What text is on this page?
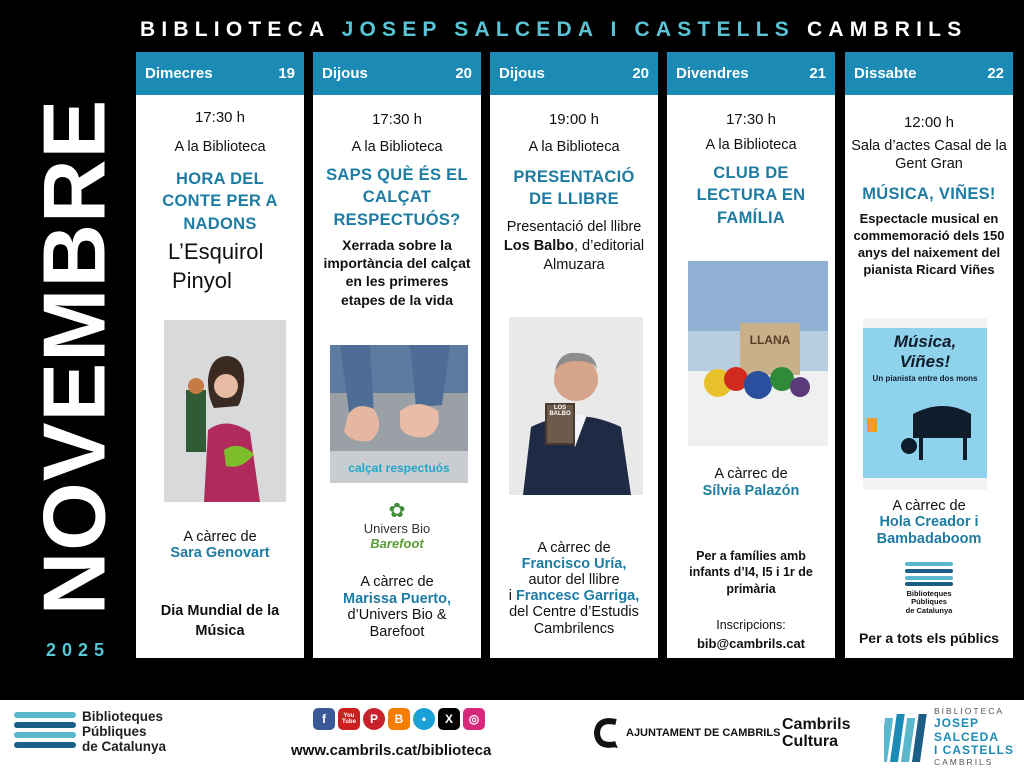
BIBLIOTECA JOSEP SALCEDA I CASTELLS CAMBRILS
NOVEMBRE
2025
Dimecres	19
17:30 h
A la Biblioteca
HORA DEL CONTE PER A NADONS
L’Esquirol
Pinyol
A càrrec de
Sara Genovart
Dia Mundial de la Música
Dijous	20
17:30 h
A la Biblioteca
SAPS QUÈ ÉS EL CALÇAT RESPECTUÓS?
Xerrada sobre la importància del calçat en les primeres etapes de la vida
calçat respectuós
✿
Univers Bio
Barefoot
A càrrec de
Marissa Puerto,
d’Univers Bio & Barefoot
Dijous	20
19:00 h
A la Biblioteca
PRESENTACIÓ DE LLIBRE
Presentació del llibre Los Balbo, d’editorial Almuzara
LOS BALBO
A càrrec de
Francisco Uría,
autor del llibre
i Francesc Garriga,
del Centre d’Estudis Cambrilencs
Divendres	21
17:30 h
A la Biblioteca
CLUB DE LECTURA EN FAMÍLIA
LLANA
A càrrec de
Sílvia Palazón
Per a famílies amb infants d’I4, I5 i 1r de primària
Inscripcions:
bib@cambrils.cat
Dissabte	22
12:00 h
Sala d’actes Casal de la Gent Gran
MÚSICA, VIÑES!
Espectacle musical en commemoració dels 150 anys del naixement del pianista Ricard Viñes
Música, Viñes!
Un pianista entre dos mons
A càrrec de
Hola Creador i Bambadaboom
Biblioteques
Públiques
de Catalunya
Per a tots els públics
Biblioteques
Públiques
de Catalunya
f	You Tube	P	B	•	X	◎
www.cambrils.cat/biblioteca
AJUNTAMENT DE CAMBRILS Cambrils
Cultura
BIBLIOTECA
JOSEP
SALCEDA
I CASTELLS
CAMBRILS
